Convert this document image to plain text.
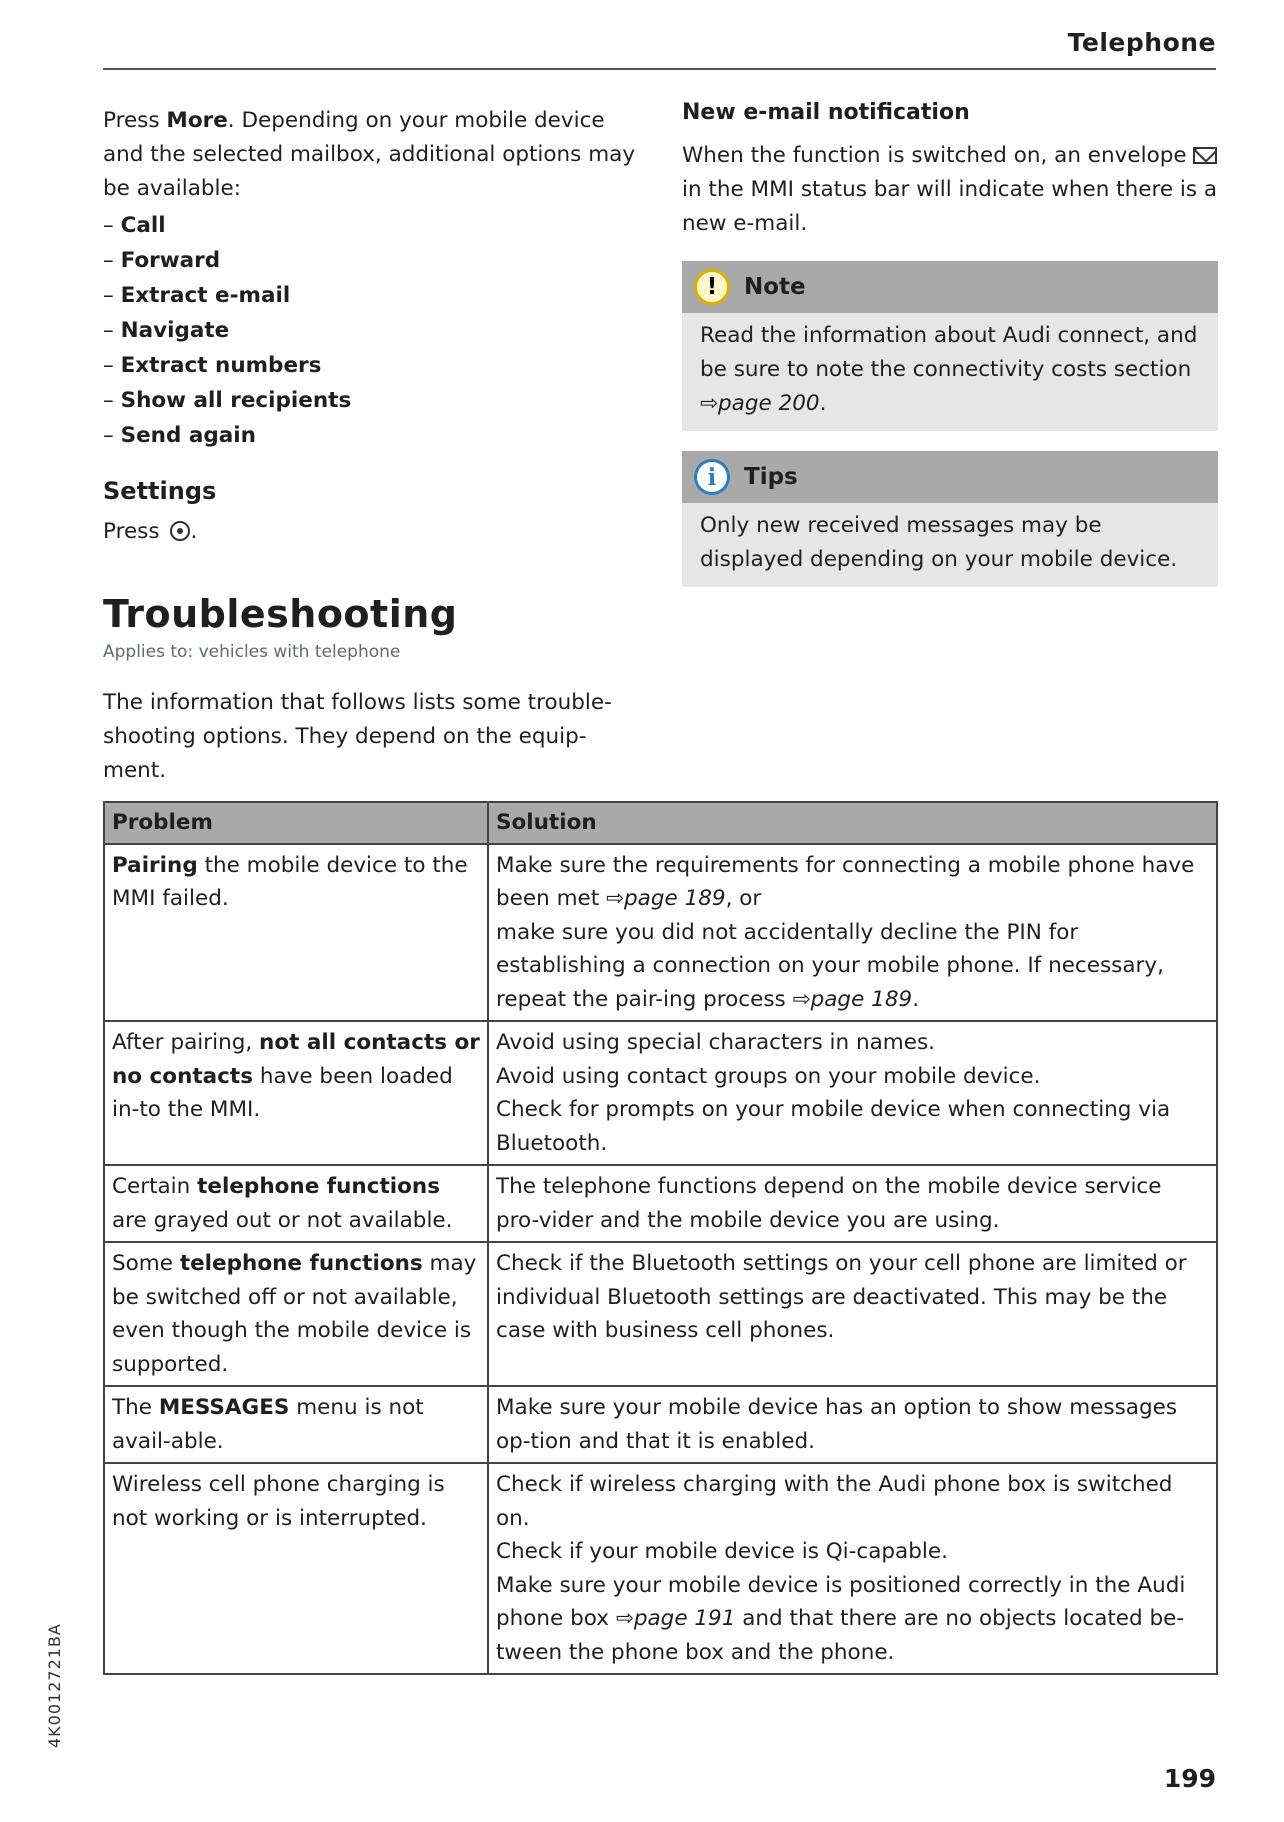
Telephone

Press More. Depending on your mobile device and the selected mailbox, additional options may be available:

– Call
– Forward
– Extract e-mail
– Navigate
– Extract numbers
– Show all recipients
– Send again
Settings
Press .
New e-mail notification

When the function is switched on, an envelope  in the MMI status bar will indicate when there is a new e-mail.

!	Note
Read the information about Audi connect, and be sure to note the connectivity costs section ⇨page 200.
i	Tips
Only new received messages may be displayed depending on your mobile device.
Troubleshooting
Applies to: vehicles with telephone
The information that follows lists some trouble-shooting options. They depend on the equip-ment.
Problem	Solution
Pairing the mobile device to the MMI failed.	Make sure the requirements for connecting a mobile phone have been met ⇨page 189, or
make sure you did not accidentally decline the PIN for establishing a connection on your mobile phone. If necessary, repeat the pair-ing process ⇨page 189.

After pairing, not all contacts or no contacts have been loaded in-to the MMI.	Avoid using special characters in names.
Avoid using contact groups on your mobile device.
Check for prompts on your mobile device when connecting via Bluetooth.

Certain telephone functions are grayed out or not available.	The telephone functions depend on the mobile device service pro-vider and the mobile device you are using.

Some telephone functions may be switched off or not available, even though the mobile device is supported.	Check if the Bluetooth settings on your cell phone are limited or individual Bluetooth settings are deactivated. This may be the case with business cell phones.

The MESSAGES menu is not avail-able.	Make sure your mobile device has an option to show messages op-tion and that it is enabled.

Wireless cell phone charging is not working or is interrupted.	Check if wireless charging with the Audi phone box is switched on.
Check if your mobile device is Qi-capable.
Make sure your mobile device is positioned correctly in the Audi phone box ⇨page 191 and that there are no objects located be-tween the phone box and the phone.
4K0012721BA
199
